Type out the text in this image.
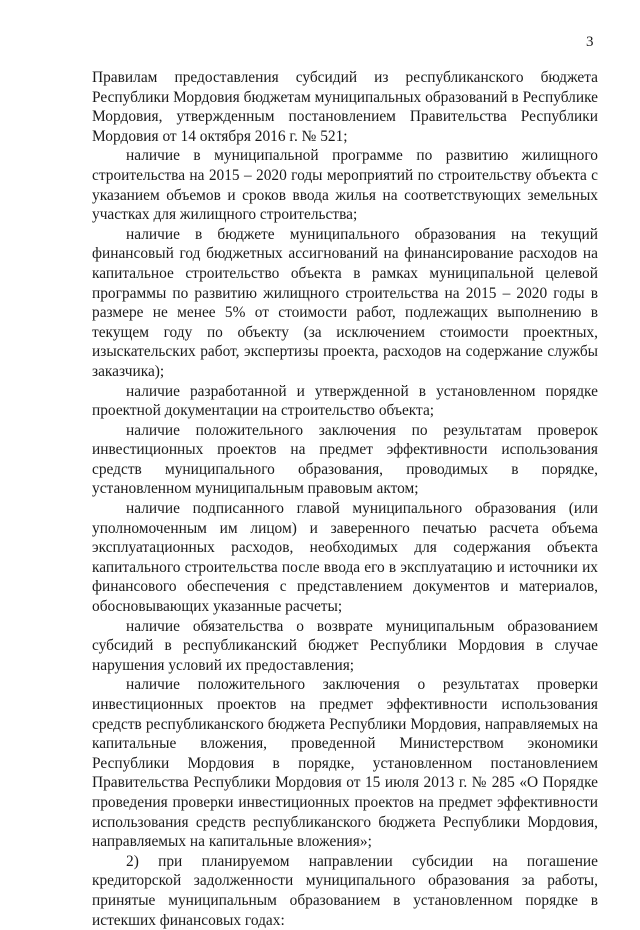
3

Правилам предоставления субсидий из республиканского бюджета Республики Мордовия бюджетам муниципальных образований в Республике Мордовия, утвержденным постановлением Правительства Республики Мордовия от 14 октября 2016 г. № 521;

наличие в муниципальной программе по развитию жилищного строительства на 2015 – 2020 годы мероприятий по строительству объекта с указанием объемов и сроков ввода жилья на соответствующих земельных участках для жилищного строительства;

наличие в бюджете муниципального образования на текущий финансовый год бюджетных ассигнований на финансирование расходов на капитальное строительство объекта в рамках муниципальной целевой программы по развитию жилищного строительства на 2015 – 2020 годы в размере не менее 5% от стоимости работ, подлежащих выполнению в текущем году по объекту (за исключением стоимости проектных, изыскательских работ, экспертизы проекта, расходов на содержание службы заказчика);

наличие разработанной и утвержденной в установленном порядке проектной документации на строительство объекта;

наличие положительного заключения по результатам проверок инвестиционных проектов на предмет эффективности использования средств муниципального образования, проводимых в порядке, установленном муниципальным правовым актом;

наличие подписанного главой муниципального образования (или уполномоченным им лицом) и заверенного печатью расчета объема эксплуатационных расходов, необходимых для содержания объекта капитального строительства после ввода его в эксплуатацию и источники их финансового обеспечения с представлением документов и материалов, обосновывающих указанные расчеты;

наличие обязательства о возврате муниципальным образованием субсидий в республиканский бюджет Республики Мордовия в случае нарушения условий их предоставления;

наличие положительного заключения о результатах проверки инвестиционных проектов на предмет эффективности использования средств республиканского бюджета Республики Мордовия, направляемых на капитальные вложения, проведенной Министерством экономики Республики Мордовия в порядке, установленном постановлением Правительства Республики Мордовия от 15 июля 2013 г. № 285 «О Порядке проведения проверки инвестиционных проектов на предмет эффективности использования средств республиканского бюджета Республики Мордовия, направляемых на капитальные вложения»;

2) при планируемом направлении субсидии на погашение кредиторской задолженности муниципального образования за работы, принятые муниципальным образованием в установленном порядке в истекших финансовых годах:
